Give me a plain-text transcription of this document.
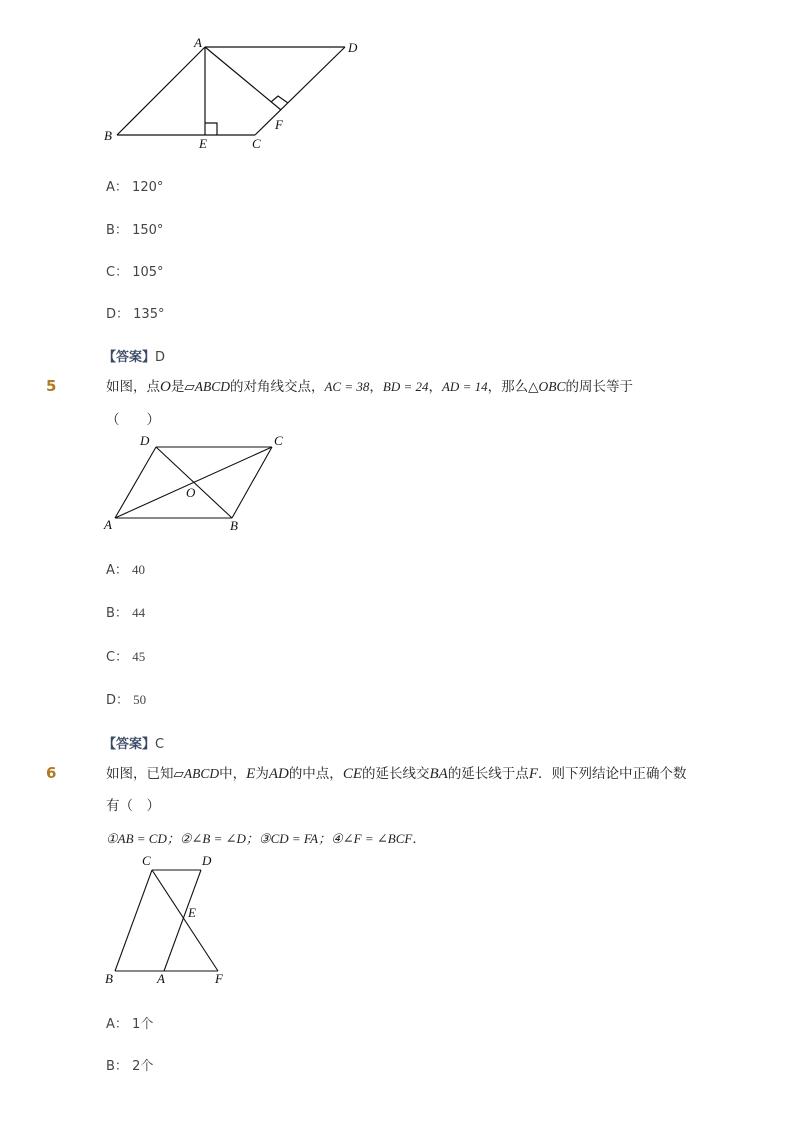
A	D
B
E	C
F
A： 120°
B： 150°
C： 105°
D： 135°
【答案】D
5	如图，点O是▱ABCD的对角线交点，AC = 38，BD = 24，AD = 14，那么△OBC的周长等于
（　　）
D	C
O
A	B
A： 40
B： 44
C： 45
D： 50
【答案】C
6	如图，已知▱ABCD中，E为AD的中点，CE的延长线交BA的延长线于点F．则下列结论中正确个数
有（　）
①AB = CD；②∠B = ∠D；③CD = FA；④∠F = ∠BCF．
C	D
E
B	A	F
A： 1个
B： 2个
